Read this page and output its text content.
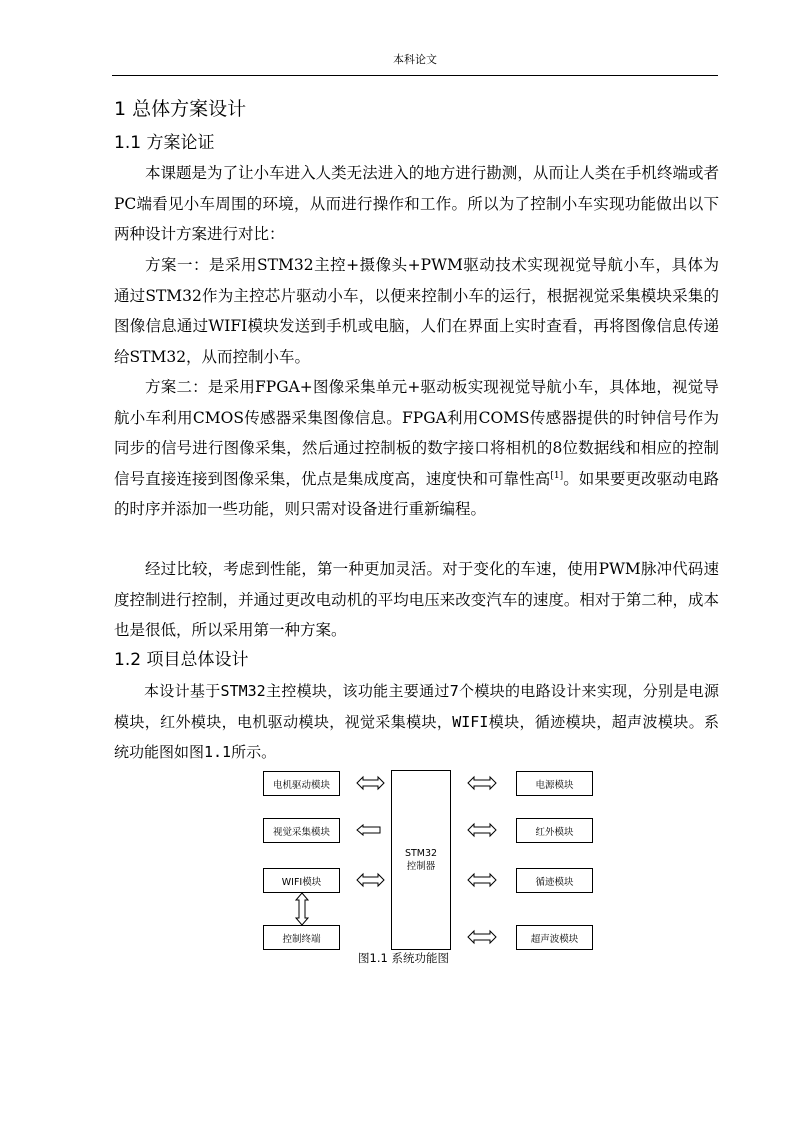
本科论文
1 总体方案设计
1.1 方案论证

本课题是为了让小车进入人类无法进入的地方进行勘测，从而让人类在手机终端或者PC端看见小车周围的环境，从而进行操作和工作。所以为了控制小车实现功能做出以下两种设计方案进行对比：

方案一：是采用STM32主控+摄像头+PWM驱动技术实现视觉导航小车，具体为通过STM32作为主控芯片驱动小车，以便来控制小车的运行，根据视觉采集模块采集的图像信息通过WIFI模块发送到手机或电脑，人们在界面上实时查看，再将图像信息传递给STM32，从而控制小车。

方案二：是采用FPGA+图像采集单元+驱动板实现视觉导航小车，具体地，视觉导航小车利用CMOS传感器采集图像信息。FPGA利用COMS传感器提供的时钟信号作为同步的信号进行图像采集，然后通过控制板的数字接口将相机的8位数据线和相应的控制信号直接连接到图像采集，优点是集成度高，速度快和可靠性高[1]。如果要更改驱动电路的时序并添加一些功能，则只需对设备进行重新编程。

经过比较，考虑到性能，第一种更加灵活。对于变化的车速，使用PWM脉冲代码速度控制进行控制，并通过更改电动机的平均电压来改变汽车的速度。相对于第二种，成本也是很低，所以采用第一种方案。

1.2 项目总体设计

本设计基于STM32主控模块，该功能主要通过7个模块的电路设计来实现，分别是电源模块，红外模块，电机驱动模块，视觉采集模块，WIFI模块，循迹模块，超声波模块。系统功能图如图1.1所示。

电机驱动模块
视觉采集模块
WIFI模块
控制终端
STM32控制器
电源模块
红外模块
循迹模块
超声波模块
图1.1 系统功能图
